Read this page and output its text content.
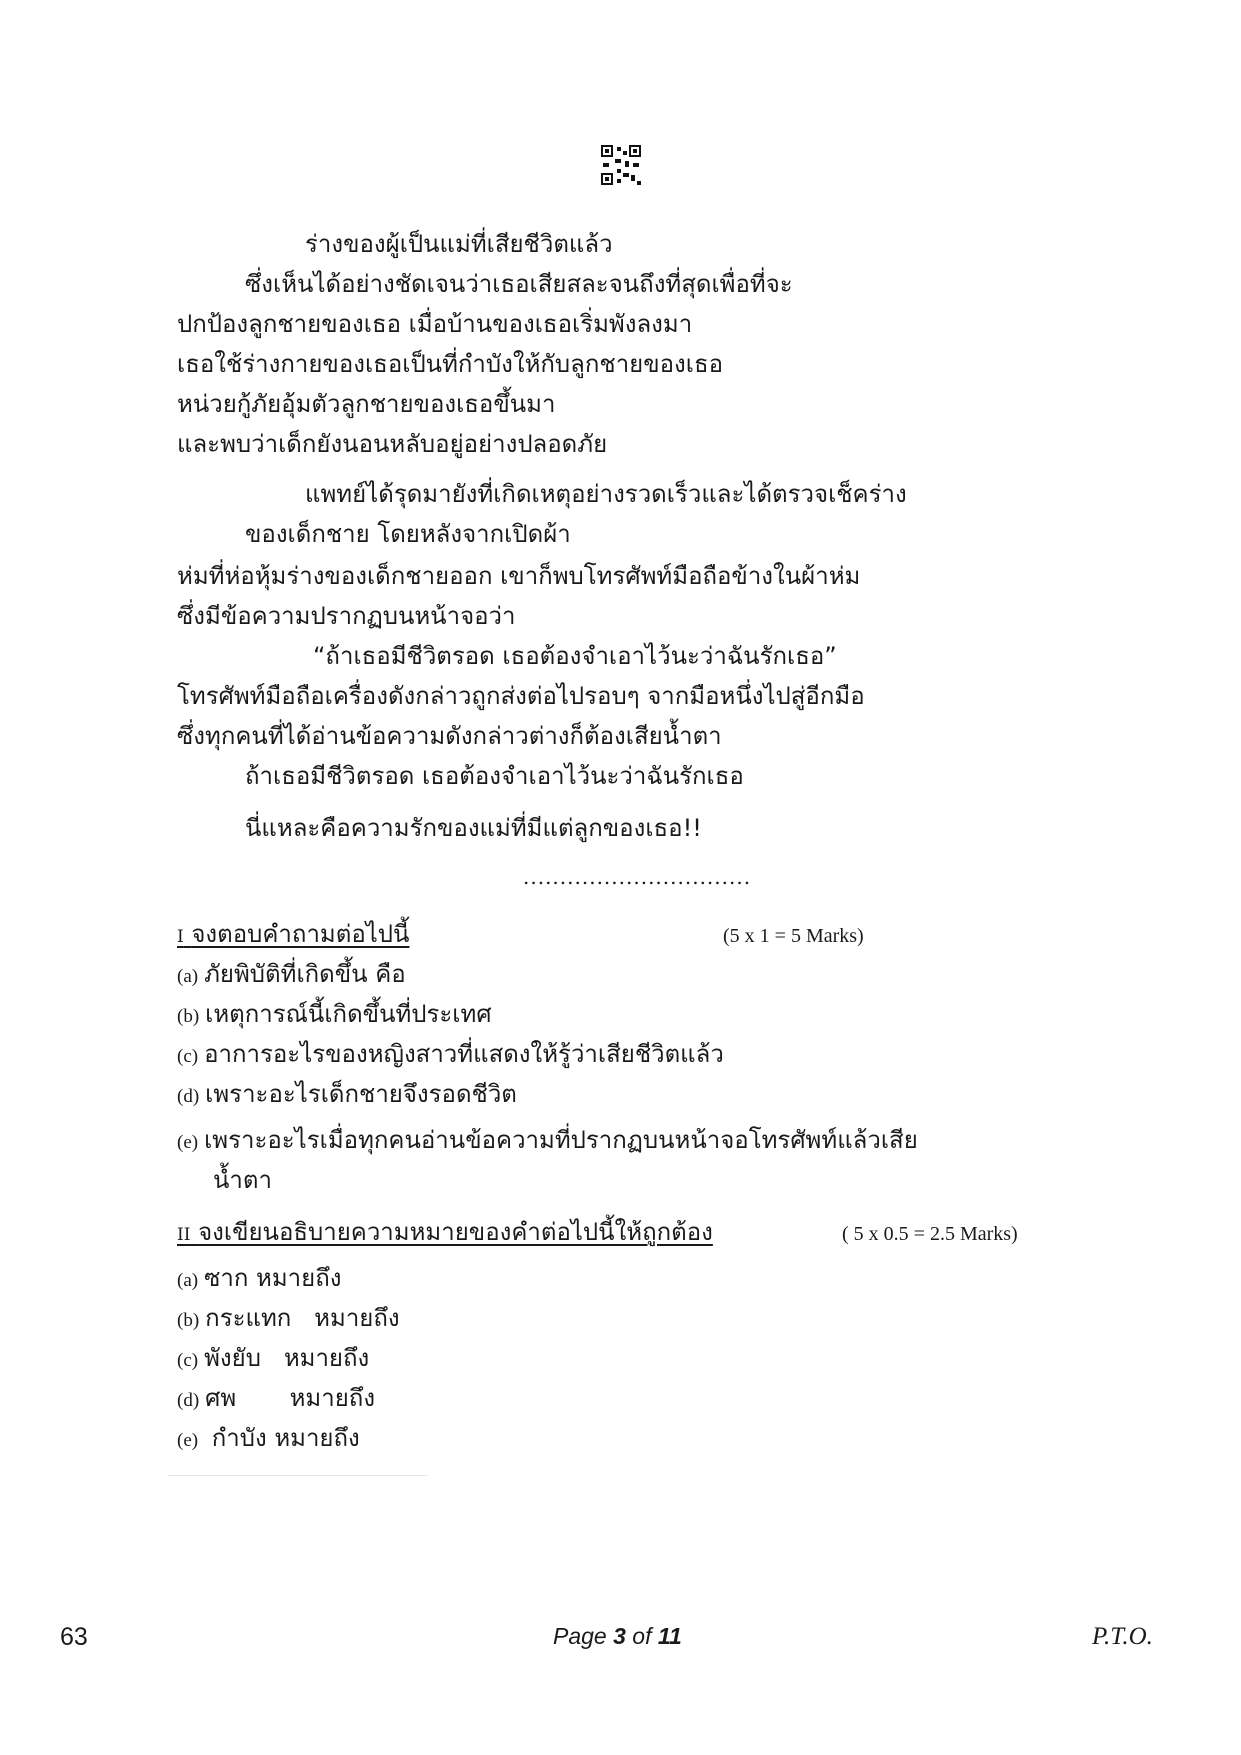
ร่างของผู้เป็นแม่ที่เสียชีวิตแล้ว
ซึ่งเห็นได้อย่างชัดเจนว่าเธอเสียสละจนถึงที่สุดเพื่อที่จะ
ปกป้องลูกชายของเธอ เมื่อบ้านของเธอเริ่มพังลงมา
เธอใช้ร่างกายของเธอเป็นที่กำบังให้กับลูกชายของเธอ
หน่วยกู้ภัยอุ้มตัวลูกชายของเธอขึ้นมา
และพบว่าเด็กยังนอนหลับอยู่อย่างปลอดภัย
แพทย์ได้รุดมายังที่เกิดเหตุอย่างรวดเร็วและได้ตรวจเช็คร่าง
ของเด็กชาย โดยหลังจากเปิดผ้า
ห่มที่ห่อหุ้มร่างของเด็กชายออก เขาก็พบโทรศัพท์มือถือข้างในผ้าห่ม
ซึ่งมีข้อความปรากฏบนหน้าจอว่า
“ถ้าเธอมีชีวิตรอด เธอต้องจำเอาไว้นะว่าฉันรักเธอ”
โทรศัพท์มือถือเครื่องดังกล่าวถูกส่งต่อไปรอบๆ จากมือหนึ่งไปสู่อีกมือ
ซึ่งทุกคนที่ได้อ่านข้อความดังกล่าวต่างก็ต้องเสียน้ำตา
ถ้าเธอมีชีวิตรอด เธอต้องจำเอาไว้นะว่าฉันรักเธอ
นี่แหละคือความรักของแม่ที่มีแต่ลูกของเธอ!!
...............................
I จงตอบคำถามต่อไปนี้	(5 x 1 = 5 Marks)
(a) ภัยพิบัติที่เกิดขึ้น คือ
(b) เหตุการณ์นี้เกิดขึ้นที่ประเทศ
(c) อาการอะไรของหญิงสาวที่แสดงให้รู้ว่าเสียชีวิตแล้ว
(d) เพราะอะไรเด็กชายจึงรอดชีวิต
(e) เพราะอะไรเมื่อทุกคนอ่านข้อความที่ปรากฏบนหน้าจอโทรศัพท์แล้วเสีย
น้ำตา
II จงเขียนอธิบายความหมายของคำต่อไปนี้ให้ถูกต้อง	( 5 x 0.5 = 2.5 Marks)
(a) ซาก หมายถึง
(b) กระแทก   หมายถึง
(c) พังยับ   หมายถึง
(d) ศพ       หมายถึง
(e) กำบัง หมายถึง
63	Page 3 of 11	P.T.O.
